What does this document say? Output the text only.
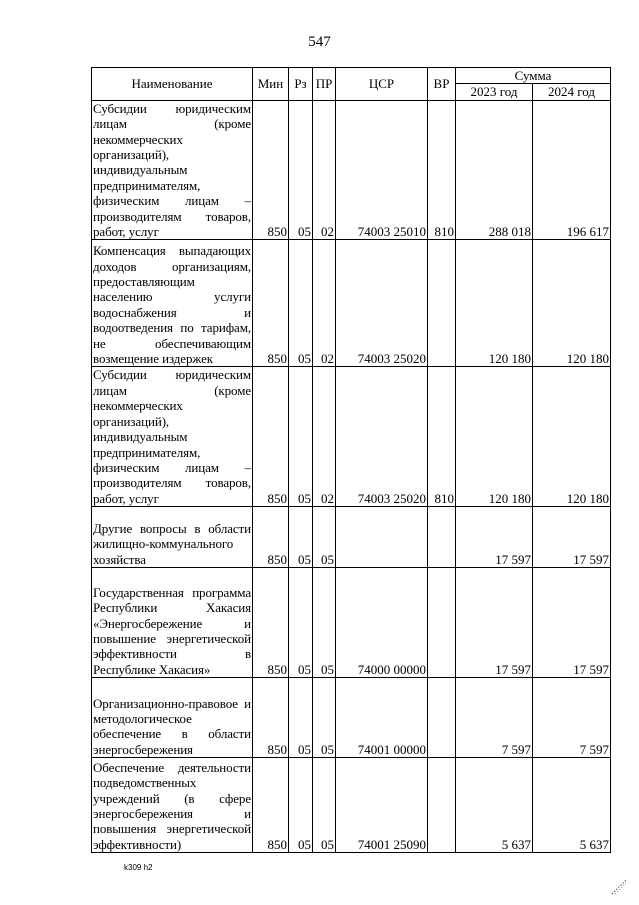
547
Наименование	Мин	Рз	ПР	ЦСР	ВР	Сумма	
						2023 год	2024 год
Субсидии юридическим лицам (кроме некоммерческих организаций), индивидуальным предпринимателям, физическим лицам – производителям товаров, работ, услуг	850	05	02	74003 25010	810	288 018	196 617
Компенсация выпадающих доходов организациям, предоставляющим населению услуги водоснабжения и водоотведения по тарифам, не обеспечивающим возмещение издержек	850	05	02	74003 25020		120 180	120 180
Субсидии юридическим лицам (кроме некоммерческих организаций), индивидуальным предпринимателям, физическим лицам – производителям товаров, работ, услуг	850	05	02	74003 25020	810	120 180	120 180
Другие вопросы в области жилищно-коммунального хозяйства	850	05	05			17 597	17 597
Государственная программа Республики Хакасия «Энергосбережение и повышение энергетической эффективности в Республике Хакасия»	850	05	05	74000 00000		17 597	17 597
Организационно-правовое и методологическое обеспечение в области энергосбережения	850	05	05	74001 00000		7 597	7 597
Обеспечение деятельности подведомственных учреждений (в сфере энергосбережения и повышения энергетической эффективности)	850	05	05	74001 25090		5 637	5 637
k309 h2
